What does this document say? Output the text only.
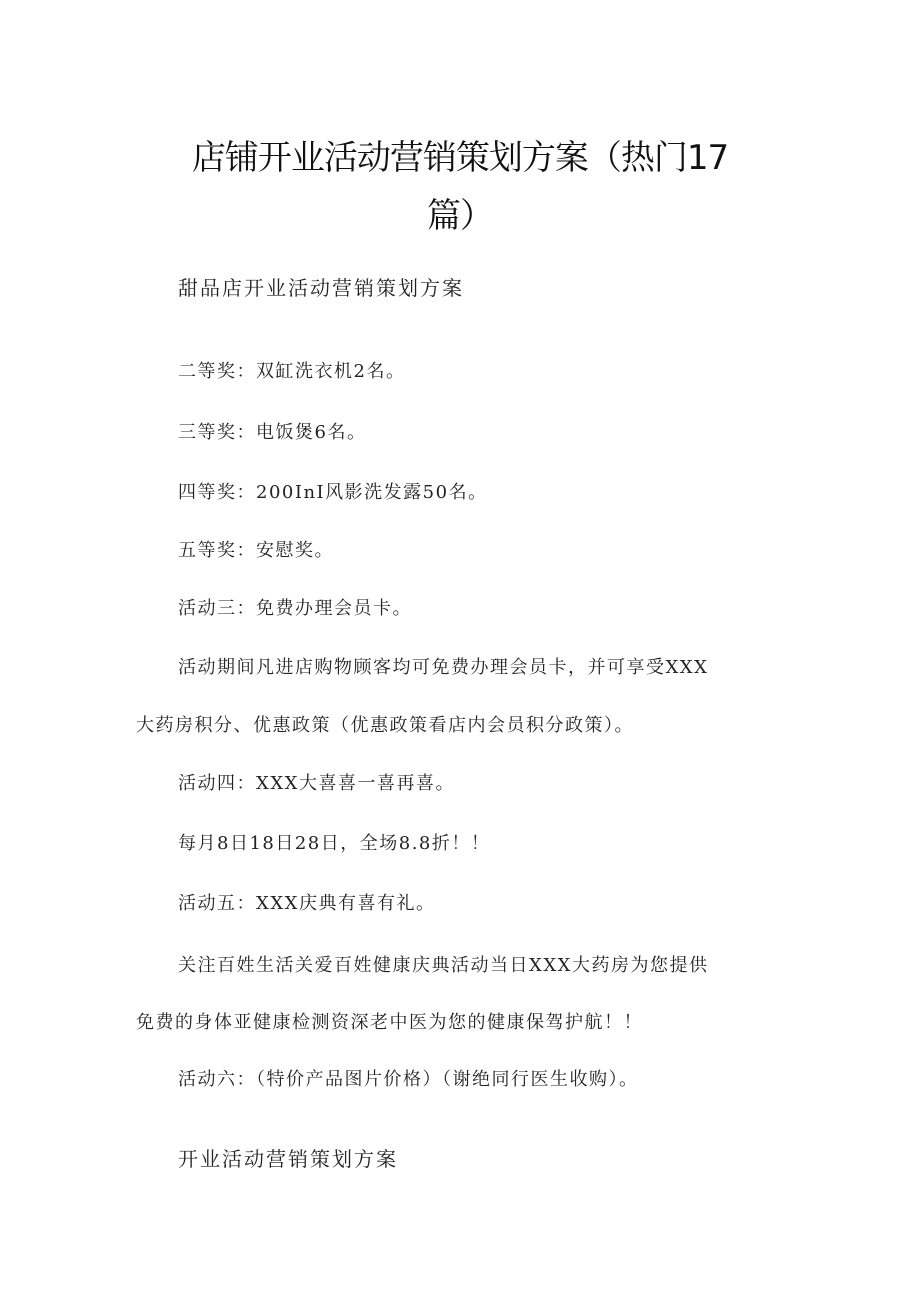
店铺开业活动营销策划方案（热门17
篇）
甜品店开业活动营销策划方案
二等奖：双缸洗衣机2名。
三等奖：电饭煲6名。
四等奖：200InI风影洗发露50名。
五等奖：安慰奖。
活动三：免费办理会员卡。
活动期间凡进店购物顾客均可免费办理会员卡，并可享受XXX
大药房积分、优惠政策（优惠政策看店内会员积分政策）。
活动四：XXX大喜喜一喜再喜。
每月8日18日28日，全场8.8折！！
活动五：XXX庆典有喜有礼。
关注百姓生活关爱百姓健康庆典活动当日XXX大药房为您提供
免费的身体亚健康检测资深老中医为您的健康保驾护航！！
活动六：（特价产品图片价格）（谢绝同行医生收购）。
开业活动营销策划方案
